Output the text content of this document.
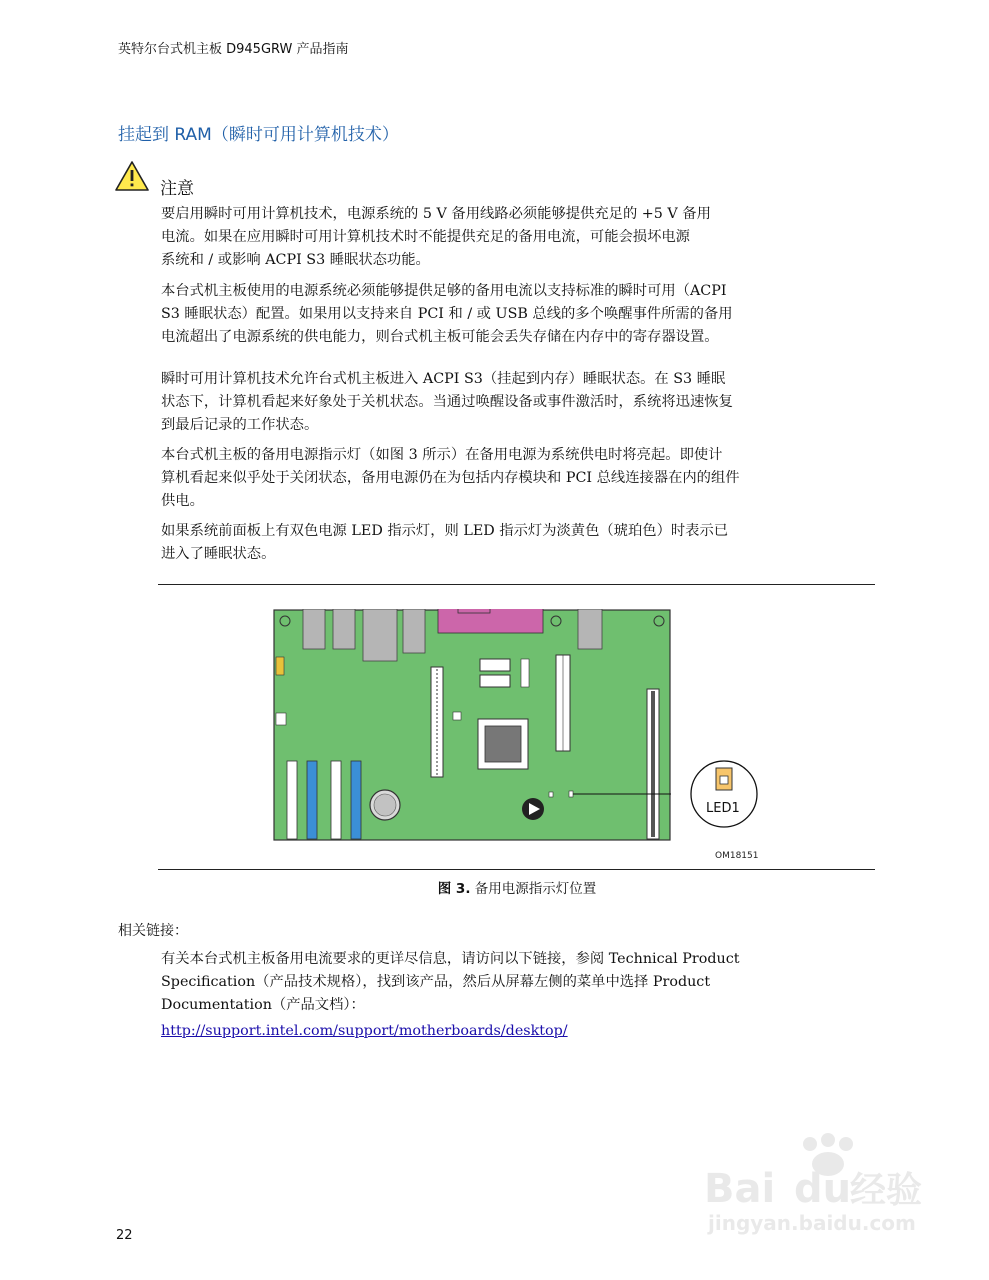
英特尔台式机主板 D945GRW 产品指南
挂起到 RAM（瞬时可用计算机技术）
注意

要启用瞬时可用计算机技术，电源系统的 5 V 备用线路必须能够提供充足的 +5 V 备用
电流。如果在应用瞬时可用计算机技术时不能提供充足的备用电流，可能会损坏电源
系统和 / 或影响 ACPI S3 睡眠状态功能。

本台式机主板使用的电源系统必须能够提供足够的备用电流以支持标准的瞬时可用（ACPI
S3 睡眠状态）配置。如果用以支持来自 PCI 和 / 或 USB 总线的多个唤醒事件所需的备用
电流超出了电源系统的供电能力，则台式机主板可能会丢失存储在内存中的寄存器设置。

瞬时可用计算机技术允许台式机主板进入 ACPI S3（挂起到内存）睡眠状态。在 S3 睡眠
状态下，计算机看起来好象处于关机状态。当通过唤醒设备或事件激活时，系统将迅速恢复
到最后记录的工作状态。

本台式机主板的备用电源指示灯（如图 3 所示）在备用电源为系统供电时将亮起。即使计
算机看起来似乎处于关闭状态，备用电源仍在为包括内存模块和 PCI 总线连接器在内的组件
供电。

如果系统前面板上有双色电源 LED 指示灯，则 LED 指示灯为淡黄色（琥珀色）时表示已
进入了睡眠状态。

LED1
OM18151
图 3. 备用电源指示灯位置
相关链接：

有关本台式机主板备用电流要求的更详尽信息，请访问以下链接，参阅 Technical Product
Specification（产品技术规格），找到该产品，然后从屏幕左侧的菜单中选择 Product
Documentation（产品文档）：

http://support.intel.com/support/motherboards/desktop/
22
Bai du
经验
jingyan.baidu.com
